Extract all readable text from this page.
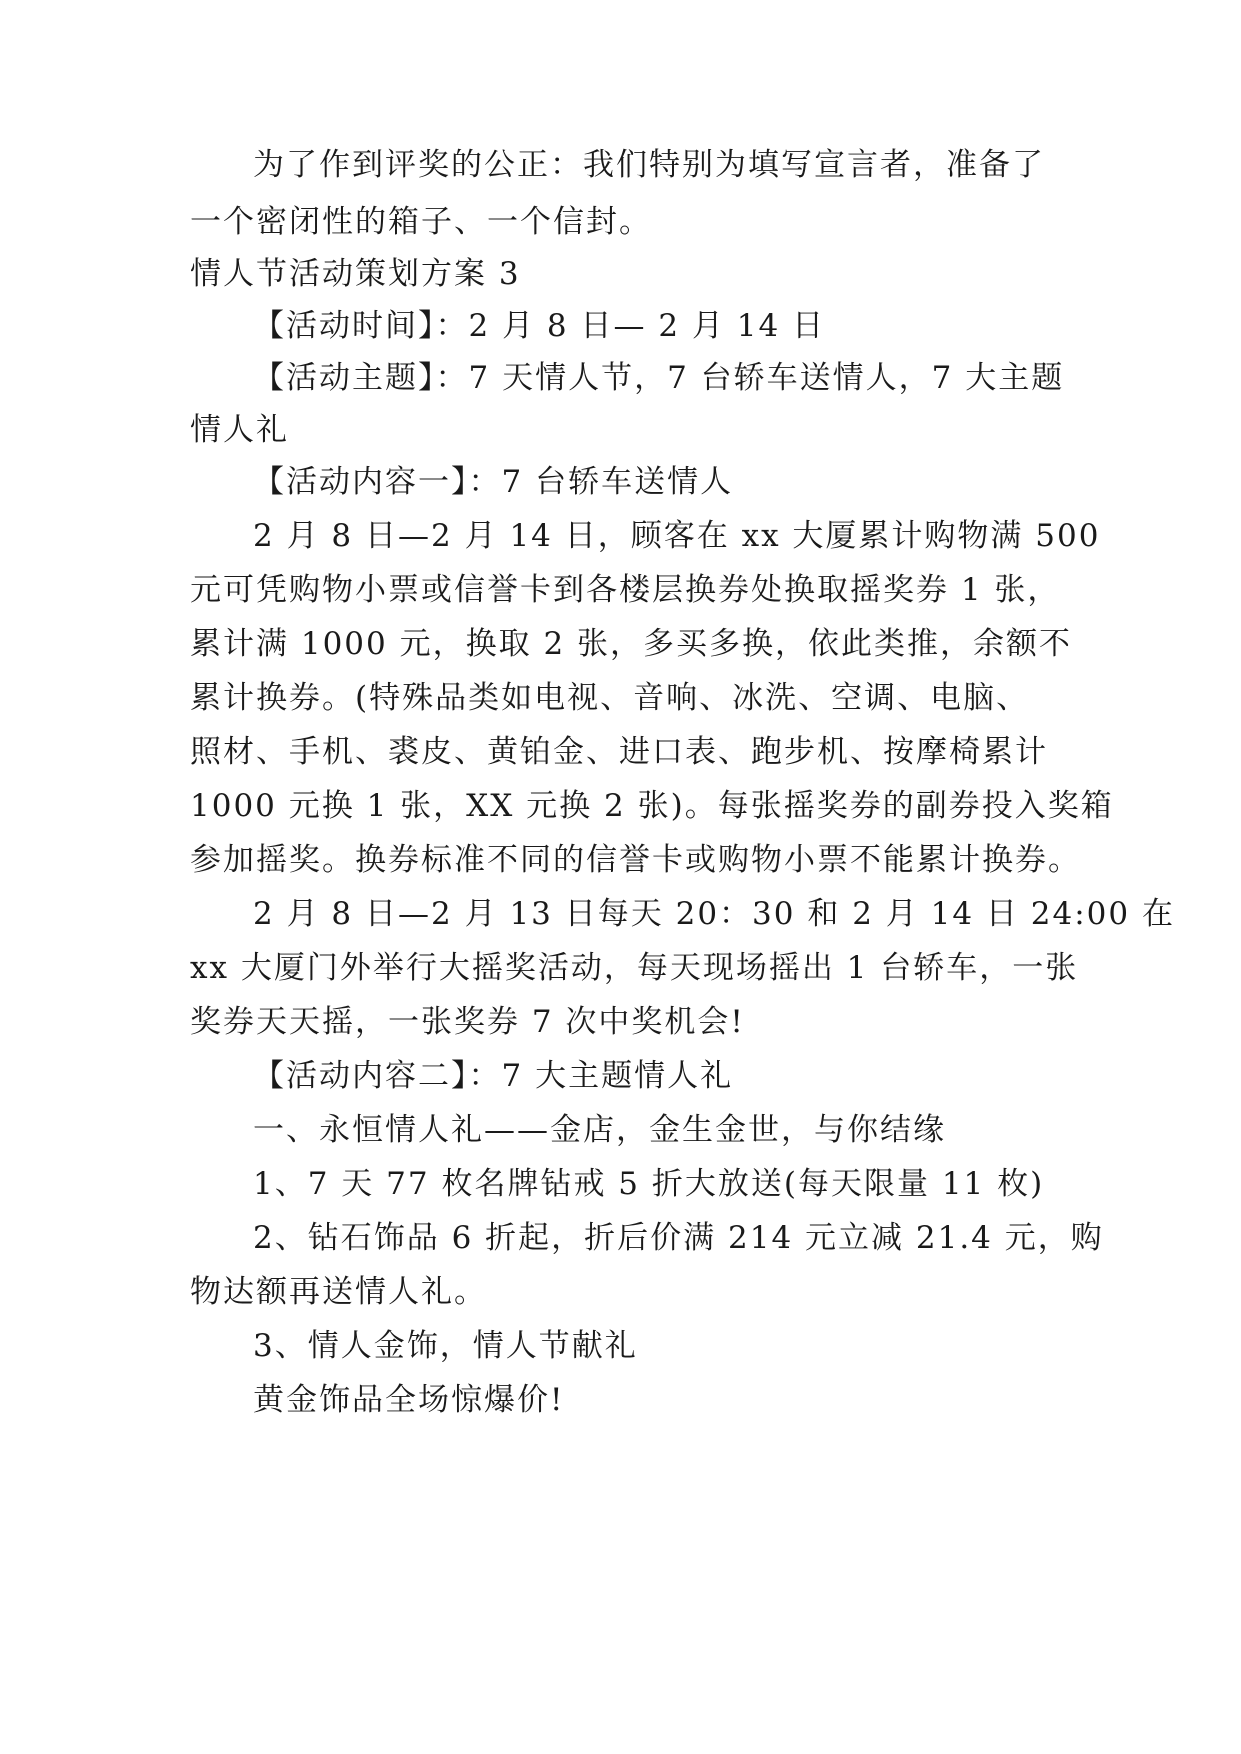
为了作到评奖的公正：我们特别为填写宣言者，准备了
一个密闭性的箱子、一个信封。
情人节活动策划方案 3
【活动时间】：2 月 8 日— 2 月 14 日
【活动主题】：7 天情人节，7 台轿车送情人，7 大主题
情人礼
【活动内容一】：7 台轿车送情人
2 月 8 日—2 月 14 日，顾客在 xx 大厦累计购物满 500
元可凭购物小票或信誉卡到各楼层换券处换取摇奖券 1 张，
累计满 1000 元，换取 2 张，多买多换，依此类推，余额不
累计换券。(特殊品类如电视、音响、冰洗、空调、电脑、
照材、手机、裘皮、黄铂金、进口表、跑步机、按摩椅累计
1000 元换 1 张，XX 元换 2 张)。每张摇奖券的副券投入奖箱
参加摇奖。换券标准不同的信誉卡或购物小票不能累计换券。
2 月 8 日—2 月 13 日每天 20：30 和 2 月 14 日 24:00 在
xx 大厦门外举行大摇奖活动，每天现场摇出 1 台轿车，一张
奖券天天摇，一张奖券 7 次中奖机会!
【活动内容二】：7 大主题情人礼
一、永恒情人礼——金店，金生金世，与你结缘
1、7 天 77 枚名牌钻戒 5 折大放送(每天限量 11 枚)
2、钻石饰品 6 折起，折后价满 214 元立减 21.4 元，购
物达额再送情人礼。
3、情人金饰，情人节献礼
黄金饰品全场惊爆价!
